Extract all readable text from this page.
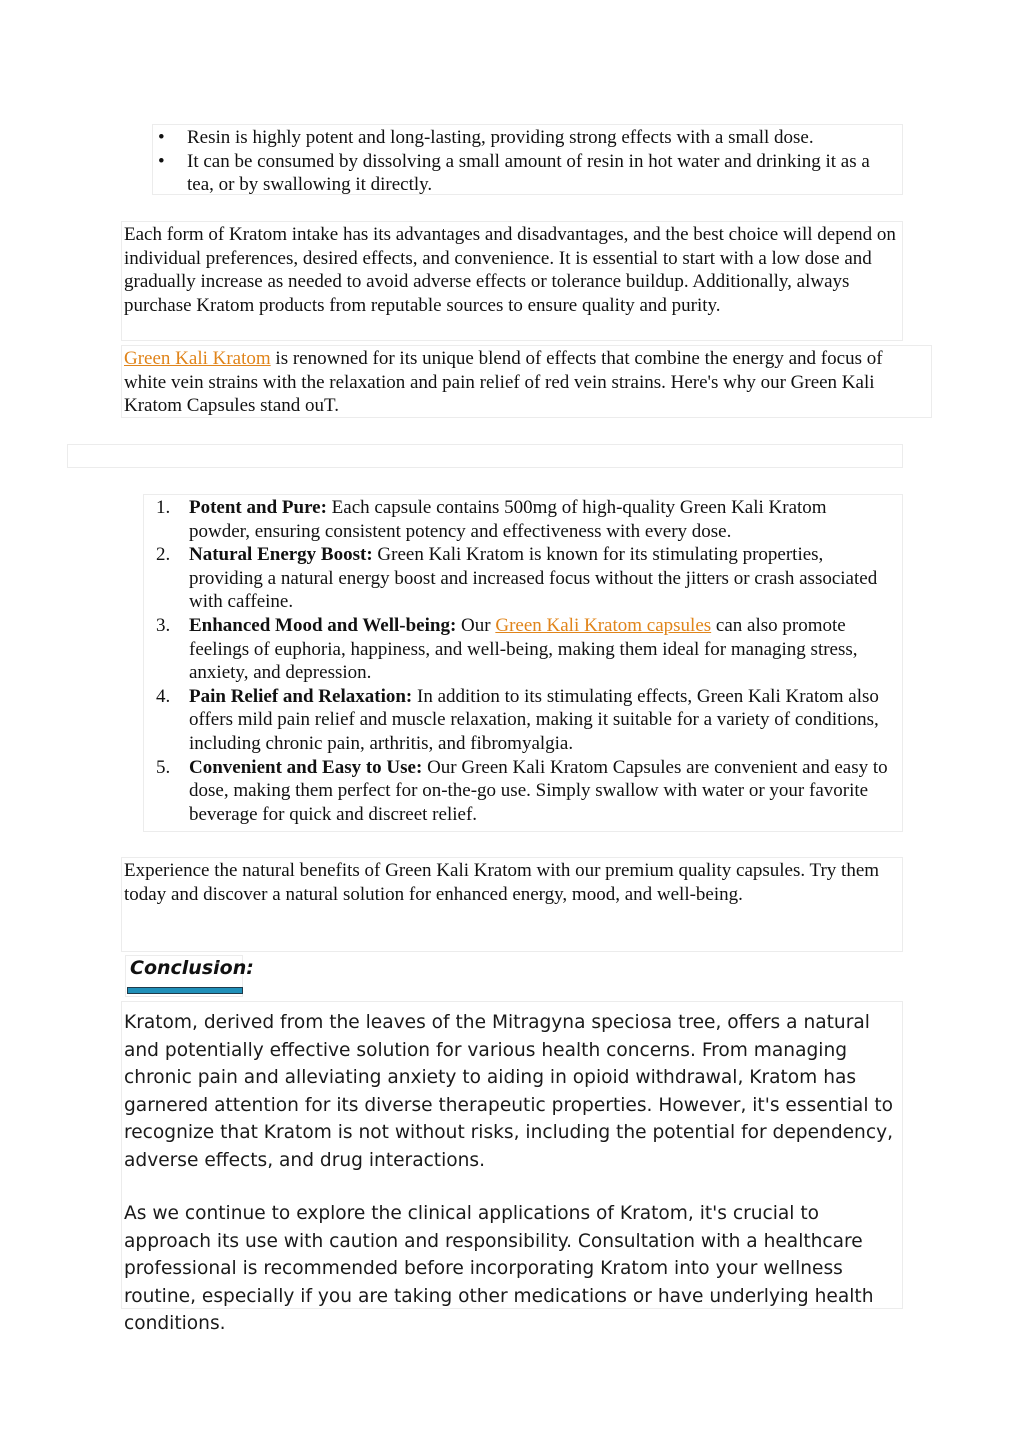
• Resin is highly potent and long-lasting, providing strong effects with a small dose.
• It can be consumed by dissolving a small amount of resin in hot water and drinking it as a tea, or by swallowing it directly.

Each form of Kratom intake has its advantages and disadvantages, and the best choice will depend on individual preferences, desired effects, and convenience. It is essential to start with a low dose and gradually increase as needed to avoid adverse effects or tolerance buildup. Additionally, always purchase Kratom products from reputable sources to ensure quality and purity.

Green Kali Kratom is renowned for its unique blend of effects that combine the energy and focus of white vein strains with the relaxation and pain relief of red vein strains. Here's why our Green Kali Kratom Capsules stand ouT.

1. Potent and Pure: Each capsule contains 500mg of high-quality Green Kali Kratom powder, ensuring consistent potency and effectiveness with every dose.
2. Natural Energy Boost: Green Kali Kratom is known for its stimulating properties, providing a natural energy boost and increased focus without the jitters or crash associated with caffeine.
3. Enhanced Mood and Well-being: Our Green Kali Kratom capsules can also promote feelings of euphoria, happiness, and well-being, making them ideal for managing stress, anxiety, and depression.
4. Pain Relief and Relaxation: In addition to its stimulating effects, Green Kali Kratom also offers mild pain relief and muscle relaxation, making it suitable for a variety of conditions, including chronic pain, arthritis, and fibromyalgia.
5. Convenient and Easy to Use: Our Green Kali Kratom Capsules are convenient and easy to dose, making them perfect for on-the-go use. Simply swallow with water or your favorite beverage for quick and discreet relief.

Experience the natural benefits of Green Kali Kratom with our premium quality capsules. Try them today and discover a natural solution for enhanced energy, mood, and well-being.

Conclusion:
Kratom, derived from the leaves of the Mitragyna speciosa tree, offers a natural and potentially effective solution for various health concerns. From managing chronic pain and alleviating anxiety to aiding in opioid withdrawal, Kratom has garnered attention for its diverse therapeutic properties. However, it's essential to recognize that Kratom is not without risks, including the potential for dependency, adverse effects, and drug interactions.
As we continue to explore the clinical applications of Kratom, it's crucial to approach its use with caution and responsibility. Consultation with a healthcare professional is recommended before incorporating Kratom into your wellness routine, especially if you are taking other medications or have underlying health conditions.
